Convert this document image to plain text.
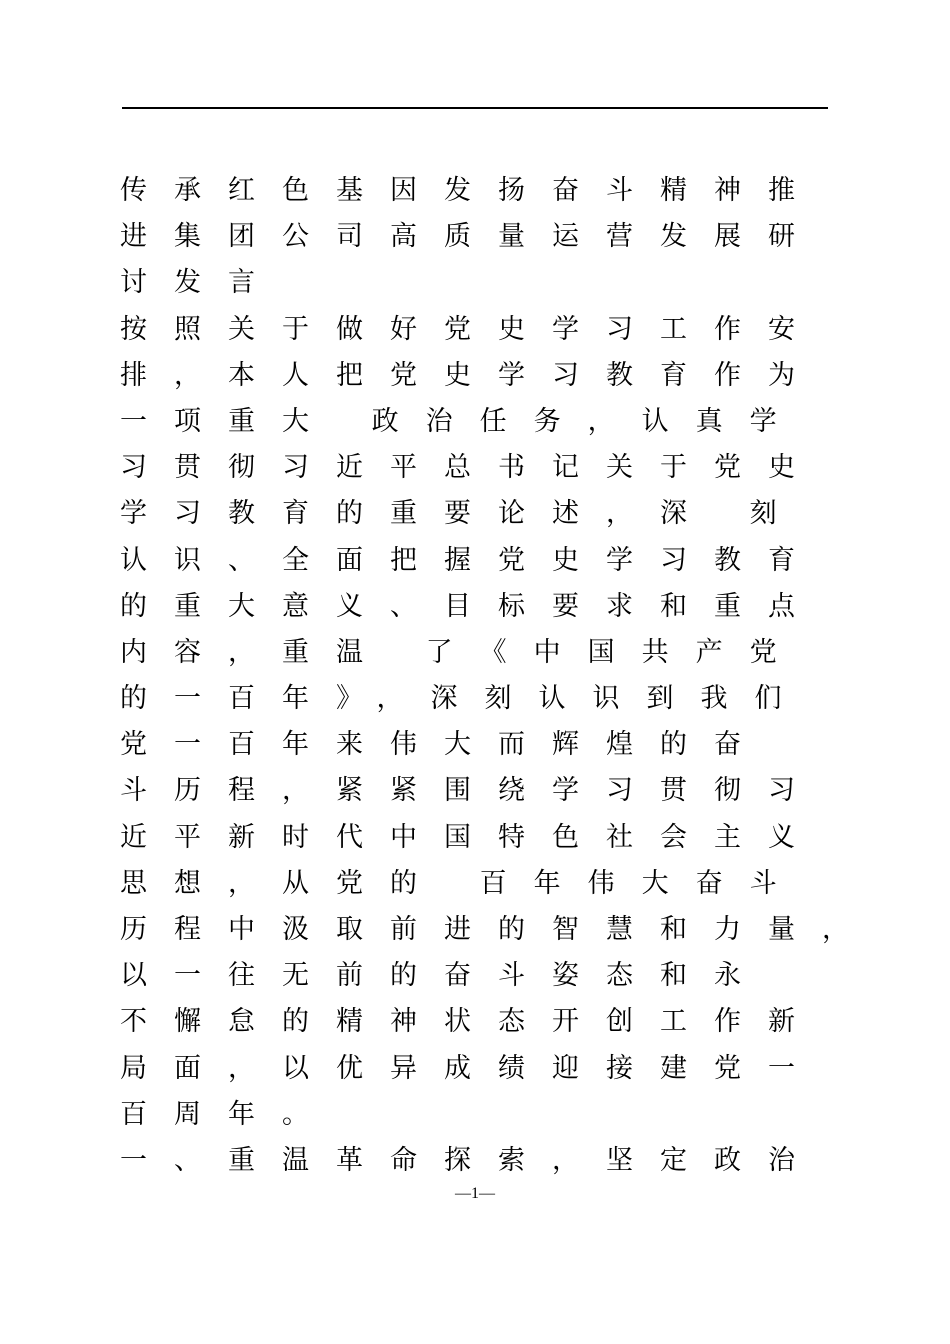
传承红色基因发扬奋斗精神推
进集团公司高质量运营发展研
讨发言
按照关于做好党史学习工作安
排，本人把党史学习教育作为
一项重大 政治任务，认真学
习贯彻习近平总书记关于党史
学习教育的重要论述，深 刻
认识、全面把握党史学习教育
的重大意义、目标要求和重点
内容，重温 了《中国共产党
的一百年》，深刻认识到我们
党一百年来伟大而辉煌的奋
斗历程，紧紧围绕学习贯彻习
近平新时代中国特色社会主义
思想，从党的 百年伟大奋斗
历程中汲取前进的智慧和力量，
以一往无前的奋斗姿态和永
不懈怠的精神状态开创工作新
局面，以优异成绩迎接建党一
百周年。
一、重温革命探索，坚定政治
—1—
